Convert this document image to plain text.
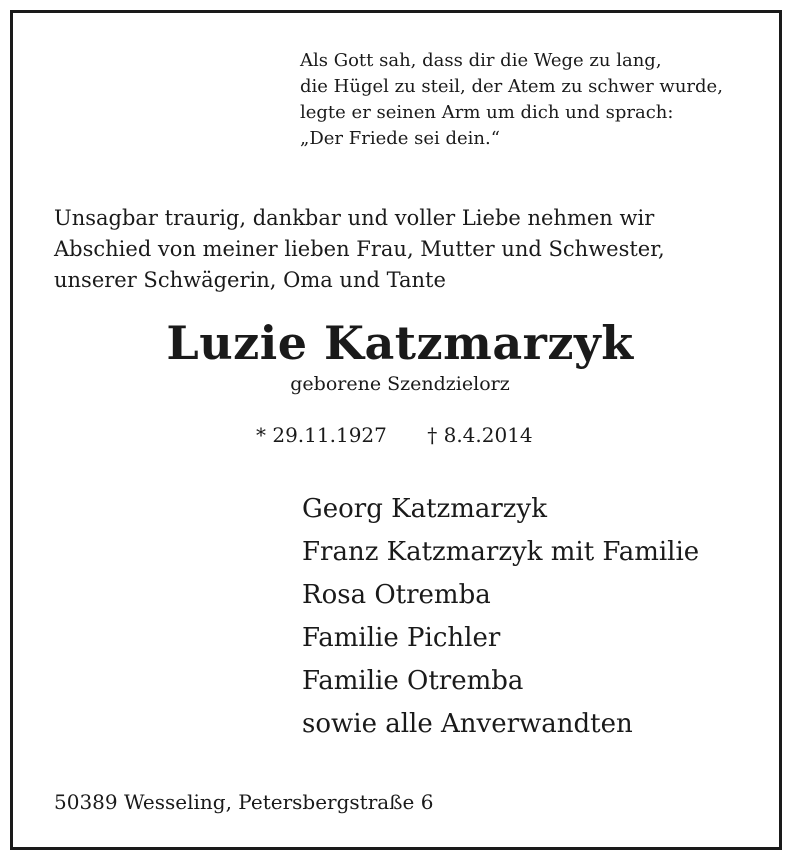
Als Gott sah, dass dir die Wege zu lang,
die Hügel zu steil, der Atem zu schwer wurde,
legte er seinen Arm um dich und sprach:
„Der Friede sei dein.“
Unsagbar traurig, dankbar und voller Liebe nehmen wir
Abschied von meiner lieben Frau, Mutter und Schwester,
unserer Schwägerin, Oma und Tante
Luzie Katzmarzyk
geborene Szendzielorz
* 29.11.1927 † 8.4.2014
Georg Katzmarzyk
Franz Katzmarzyk mit Familie
Rosa Otremba
Familie Pichler
Familie Otremba
sowie alle Anverwandten
50389 Wesseling, Petersbergstraße 6
